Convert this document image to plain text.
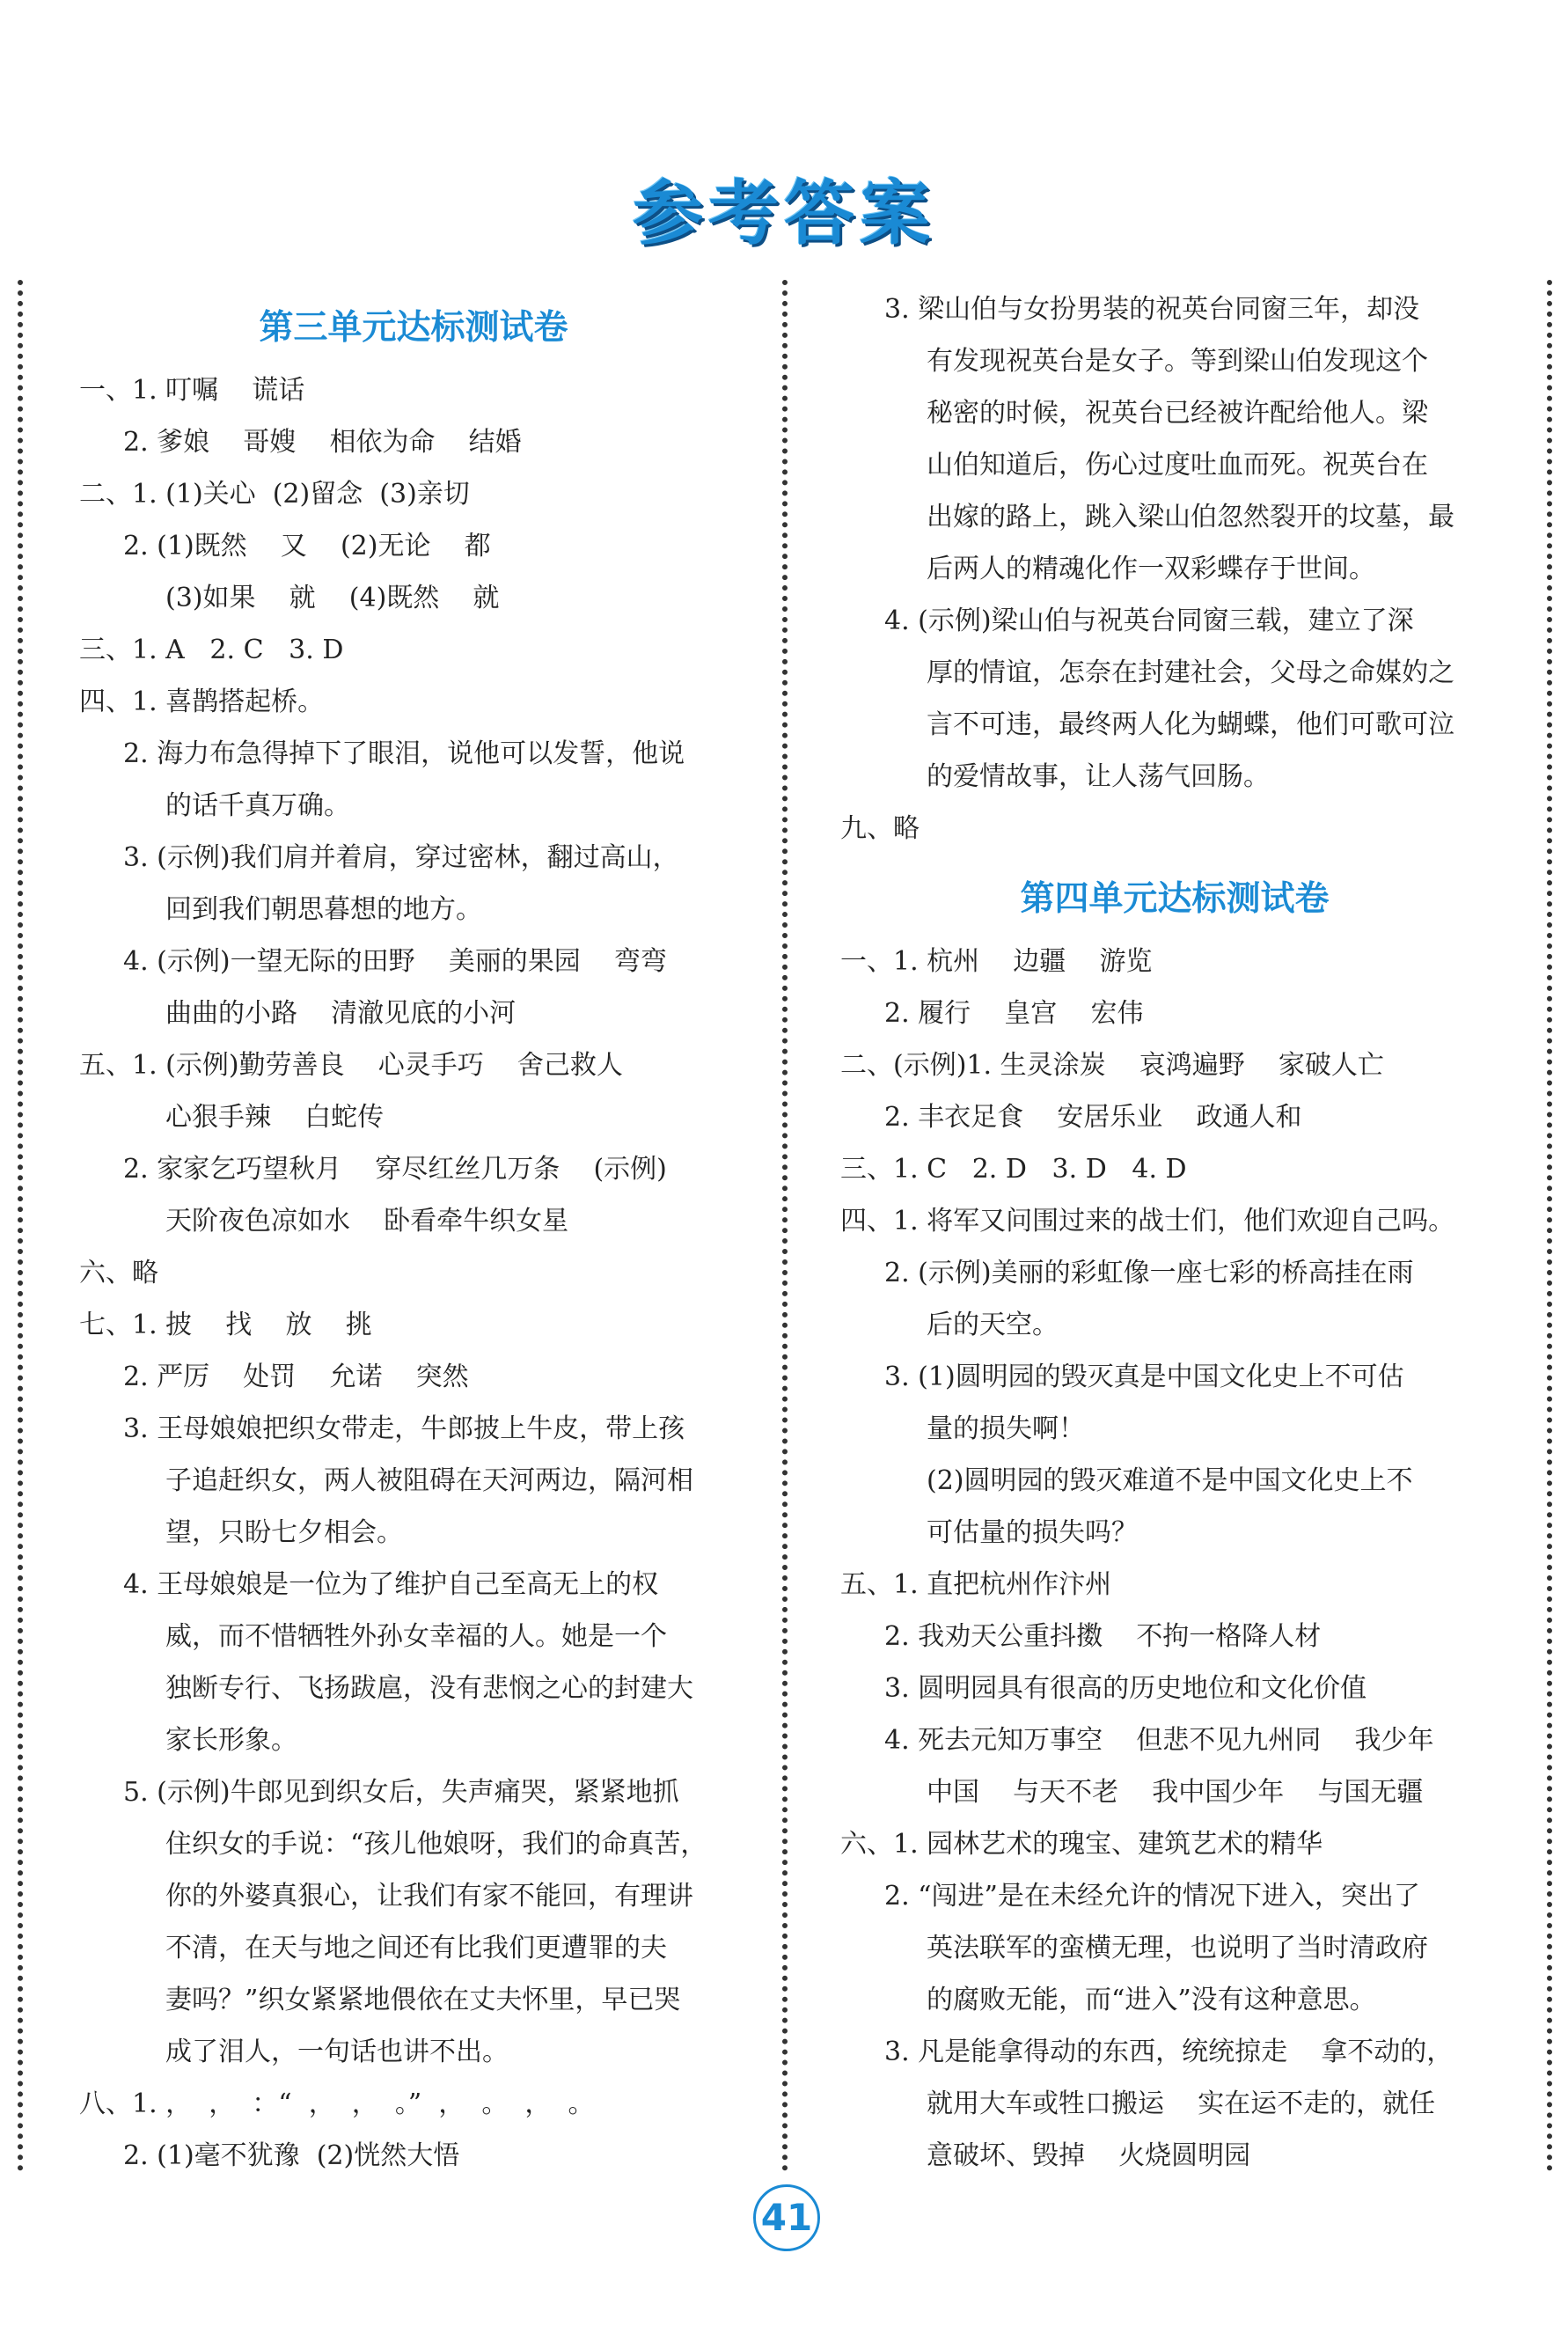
参考答案
第三单元达标测试卷
一、1. 叮嘱    谎话
2. 爹娘    哥嫂    相依为命    结婚
二、1. (1)关心  (2)留念  (3)亲切
2. (1)既然    又    (2)无论    都
(3)如果    就    (4)既然    就
三、1. A   2. C   3. D
四、1. 喜鹊搭起桥。
2. 海力布急得掉下了眼泪，说他可以发誓，他说
的话千真万确。
3. (示例)我们肩并着肩，穿过密林，翻过高山，
回到我们朝思暮想的地方。
4. (示例)一望无际的田野    美丽的果园    弯弯
曲曲的小路    清澈见底的小河
五、1. (示例)勤劳善良    心灵手巧    舍己救人
心狠手辣    白蛇传
2. 家家乞巧望秋月    穿尽红丝几万条    (示例)
天阶夜色凉如水    卧看牵牛织女星
六、略
七、1. 披    找    放    挑
2. 严厉    处罚    允诺    突然
3. 王母娘娘把织女带走，牛郎披上牛皮，带上孩
子追赶织女，两人被阻碍在天河两边，隔河相
望，只盼七夕相会。
4. 王母娘娘是一位为了维护自己至高无上的权
威，而不惜牺牲外孙女幸福的人。她是一个
独断专行、飞扬跋扈，没有悲悯之心的封建大
家长形象。
5. (示例)牛郎见到织女后，失声痛哭，紧紧地抓
住织女的手说：“孩儿他娘呀，我们的命真苦，
你的外婆真狠心，让我们有家不能回，有理讲
不清，在天与地之间还有比我们更遭罪的夫
妻吗？”织女紧紧地偎依在丈夫怀里，早已哭
成了泪人，一句话也讲不出。
八、1. ，  ，  ：“  ，  ，  。”  ，  。  ，  。
2. (1)毫不犹豫  (2)恍然大悟
3. 梁山伯与女扮男装的祝英台同窗三年，却没
有发现祝英台是女子。等到梁山伯发现这个
秘密的时候，祝英台已经被许配给他人。梁
山伯知道后，伤心过度吐血而死。祝英台在
出嫁的路上，跳入梁山伯忽然裂开的坟墓，最
后两人的精魂化作一双彩蝶存于世间。
4. (示例)梁山伯与祝英台同窗三载，建立了深
厚的情谊，怎奈在封建社会，父母之命媒妁之
言不可违，最终两人化为蝴蝶，他们可歌可泣
的爱情故事，让人荡气回肠。
九、略
第四单元达标测试卷
一、1. 杭州    边疆    游览
2. 履行    皇宫    宏伟
二、(示例)1. 生灵涂炭    哀鸿遍野    家破人亡
2. 丰衣足食    安居乐业    政通人和
三、1. C   2. D   3. D   4. D
四、1. 将军又问围过来的战士们，他们欢迎自己吗。
2. (示例)美丽的彩虹像一座七彩的桥高挂在雨
后的天空。
3. (1)圆明园的毁灭真是中国文化史上不可估
量的损失啊！
(2)圆明园的毁灭难道不是中国文化史上不
可估量的损失吗？
五、1. 直把杭州作汴州
2. 我劝天公重抖擞    不拘一格降人材
3. 圆明园具有很高的历史地位和文化价值
4. 死去元知万事空    但悲不见九州同    我少年
中国    与天不老    我中国少年    与国无疆
六、1. 园林艺术的瑰宝、建筑艺术的精华
2. “闯进”是在未经允许的情况下进入，突出了
英法联军的蛮横无理，也说明了当时清政府
的腐败无能，而“进入”没有这种意思。
3. 凡是能拿得动的东西，统统掠走    拿不动的，
就用大车或牲口搬运    实在运不走的，就任
意破坏、毁掉    火烧圆明园
41
